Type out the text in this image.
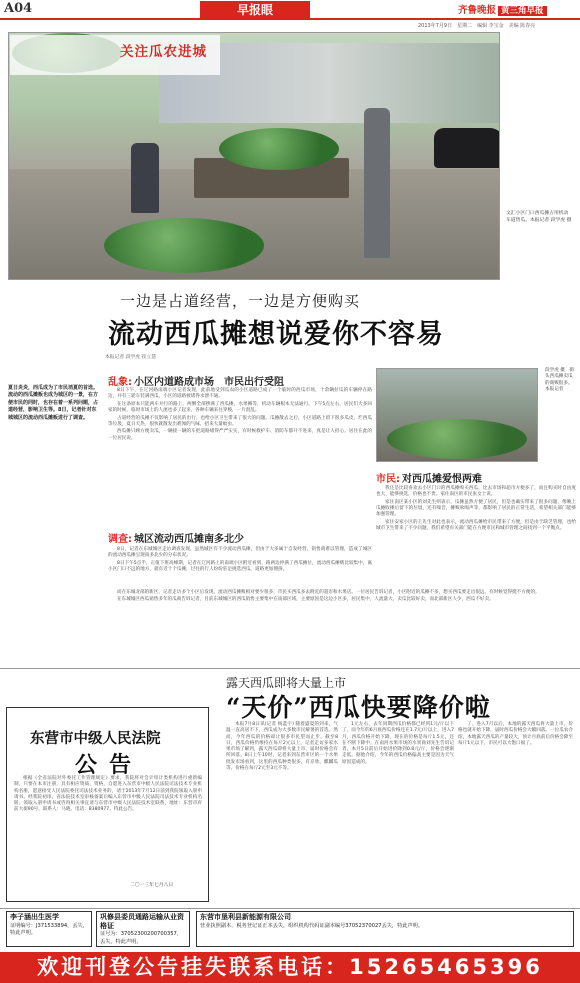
A04	早报眼	齐鲁晚报 黄三角早报
2013年7月9日　星期二　编辑 李宝金　美编 陈春亮
关注瓜农进城
文汇小区门口西瓜摊占用机动车道售瓜。本报记者 段学虎 摄
一边是占道经营，一边是方便购买
流动西瓜摊想说爱你不容易
本报记者 段学虎 崔立慧
夏日炎炎，西瓜成为了市民消夏的首选。流动的西瓜摊贩也成为城区的一景，在方便市民的同时，也存在着一系列问题，占道经营，影响卫生等。8日，记者针对东城城区的流动西瓜摊贩进行了调查。
乱象: 小区内道路成市场　市民出行受阻

8日下午，在辽河路南端小区记者发现，此前地受到瓜农的小区道路已成了一个临时的西瓜市场，十余辆拉瓜的车辆停在路边，并有三轮车装满西瓜，小区的道路被堵得水泄不通。

在这条原本只能两车并行的路上，两侧全部摆满了西瓜摊，水果摊等，机动车辆根本无法通行。下午5点左右，居民们大多回家的时候，临时市场上的人流也多了起来，各种车辆来往穿梭，一片混乱。

占道经营的瓜摊不仅影响了居民的出行，也给小区卫生带来了很大的问题。瓜摊散去之后，小区道路上留下很多瓜皮、烂西瓜等垃圾，夏日天热，很快就散发出难闻的气味，招来大量蚊虫。

西瓜摊只顾方便卖瓜，一辆接一辆的车把道路堵得严严实实，有时候救护车、消防车都开不进来，真是让人担心。居住在此的一位居民说。

调查: 城区流动西瓜摊南多北少

8日，记者在东城城区走访调查发现，虽然城区有不少流动西瓜摊，但由于大多属于自发经营，销售商难以管理，造成了城区的流动西瓜摊呈现南多北少的分布状况。

8日下午5点半，正值下班高峰期，记者在辽河路上的南端小区附近看到，路两边停满了西瓜摊位，流动西瓜摊贩比较集中，离小区门口不远的地方，就有近十个瓜摊，过往的行人纷纷驻足挑选西瓜，道路更加拥挤。

而在东城北部的新区，记者走访多个小区后发现，流动西瓜摊贩相对要少很多，市民买西瓜多去附近的超市和水果店。一位居民告诉记者，小区附近的瓜摊不多，想买西瓜要走出很远，有时候觉得挺不方便的。

在东城城区西瓜销售多年的瓜商告诉记者，目前东城城区的西瓜销售主要集中在南部区域，主要原因是这边小区多，居民集中，人流量大，卖瓜比较好卖，而北部新区人少，西瓜不好卖。

段学虎 摄　街头西瓜摊卖瓜的商贩很多。本报记者
市民: 对西瓜摊爱恨两难

我还是比较喜欢去小区门口的西瓜摊购买西瓜，比去市场和超市方便多了，而且购买时自由度也大，能够挑选，价格也不贵。家住南区的市民张女士说。

家住南区某小区的刘先生则表示，瓜摊虽然方便了居民，但是也确实带来了很多问题，像晚上瓜摊收摊后留下的垃圾，还有噪音，摊贩吆喝声等，都影响了居民的正常生活，希望相关部门能够加强管理。

家住安家小区的王先生对此也表示，流动西瓜摊给市民带来了方便，但是由于缺乏管理，也给城市卫生带来了不少问题，我们希望有关部门能在方便市民和城市管理之间找到一个平衡点。

东营市中级人民法院
公告

根据《全省法院对外委托工作管理规定》要求，我院将对会计审计类机构进行重新编制，只要在本市注册，具有相应资质、资格，自愿进入东营市中级人民法院司法技术专业机构名册，愿意接受人民法院委托司法技术业务的，请于2013年7月12日前到我院领取入册申请书，经我院初审、省法院技术室审核备案后编入东营市中级人民法院司法技术专业机构名册。领取入册申请书或咨询相关事宜请与东营市中级人民法院技术室联系，地址：东营市府前大街90号，联系人：马晓，电话：8380977。特此公告。

二〇一三年七月八日
露天西瓜即将大量上市
“天价”西瓜快要降价啦

本报7月8日讯(记者 杨蓝宇) 随着盛夏的到来，气温一直高居不下，西瓜成为大多数市民解暑的首选。然而，今年西瓜的价格却让很多市民望而止步。截至8日，西瓜价格仍维持在每斤2元以上，记者走访多家水果市场了解到，露天西瓜即将大量上市，届时价格会有所回落。8日上午10时，记者来到东营市区的一个水果批发市场看到，这里的西瓜种类很多，有京欣、麒麟瓜等，价格在每斤2元至3元不等。

1元左右，去年同期西瓜价格都已经到1元/斤以下了，而今年的6月底西瓜价格还在1.7元/斤以上，进入7月，西瓜价格开始下降，现在的价格是每斤1.5元，还在不断下降中。在南河水果市场的水果商刘先生告诉记者，本月5日前后开始进价降到0.8元/斤，价格会逐渐走低。据他介绍，今年的西瓜价格偏高主要是因为天气原因造成的。

了，进入7月以后，本地的露天西瓜将大量上市，价格也就开始下降，届时西瓜价格会大幅回落。一位瓜农介绍，本地露天西瓜的产量较大，预计月底前后价格会降至每斤1元以下，市民可以大饱口福了。

李子涵出生医学
证明编号：J371533894，丢失，特此声明。
巩修县委员通路运输从业资格证
证号为：37052300200700357，丢失，特此声明。
东营市垦利县新能源有限公司
营业执照副本、税务登记证正本丢失，组织机构代码证副本编号37052370027丢失，特此声明。
欢迎刊登公告挂失联系电话：15265465396
